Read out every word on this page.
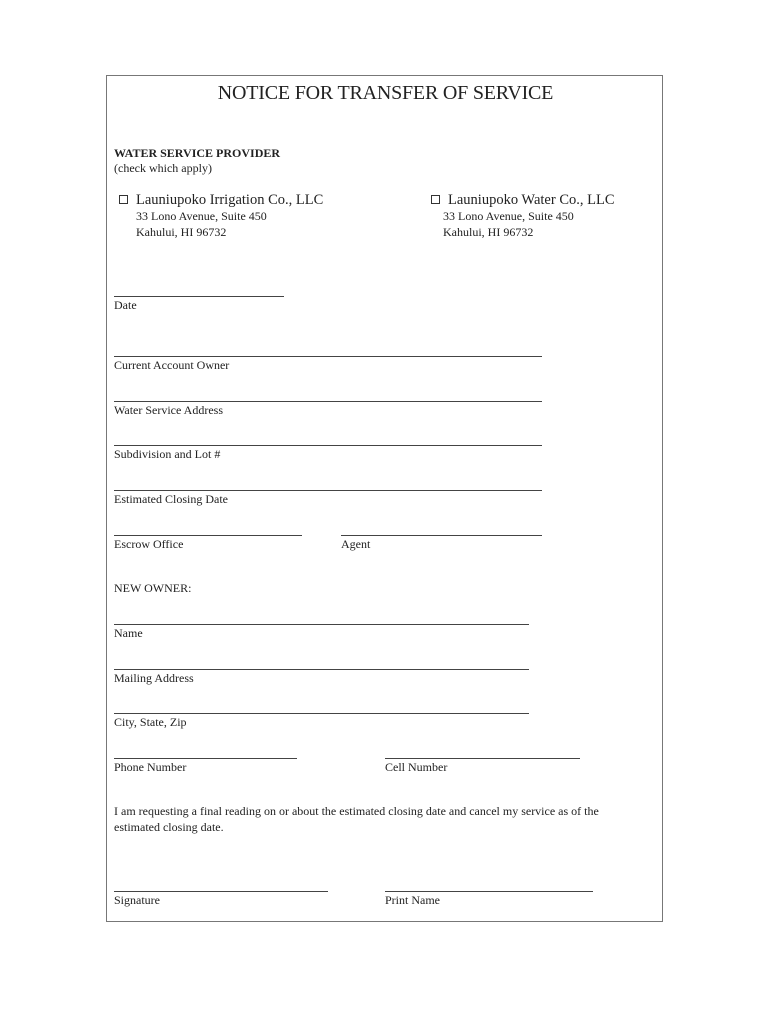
NOTICE FOR TRANSFER OF SERVICE
WATER SERVICE PROVIDER
(check which apply)
Launiupoko Irrigation Co., LLC
33 Lono Avenue, Suite 450
Kahului, HI 96732
Launiupoko Water Co., LLC
33 Lono Avenue, Suite 450
Kahului, HI 96732
Date
Current Account Owner
Water Service Address
Subdivision and Lot #
Estimated Closing Date
Escrow Office	Agent
NEW OWNER:
Name
Mailing Address
City, State, Zip
Phone Number	Cell Number
I am requesting a final reading on or about the estimated closing date and cancel my service as of the estimated closing date.
Signature	Print Name
